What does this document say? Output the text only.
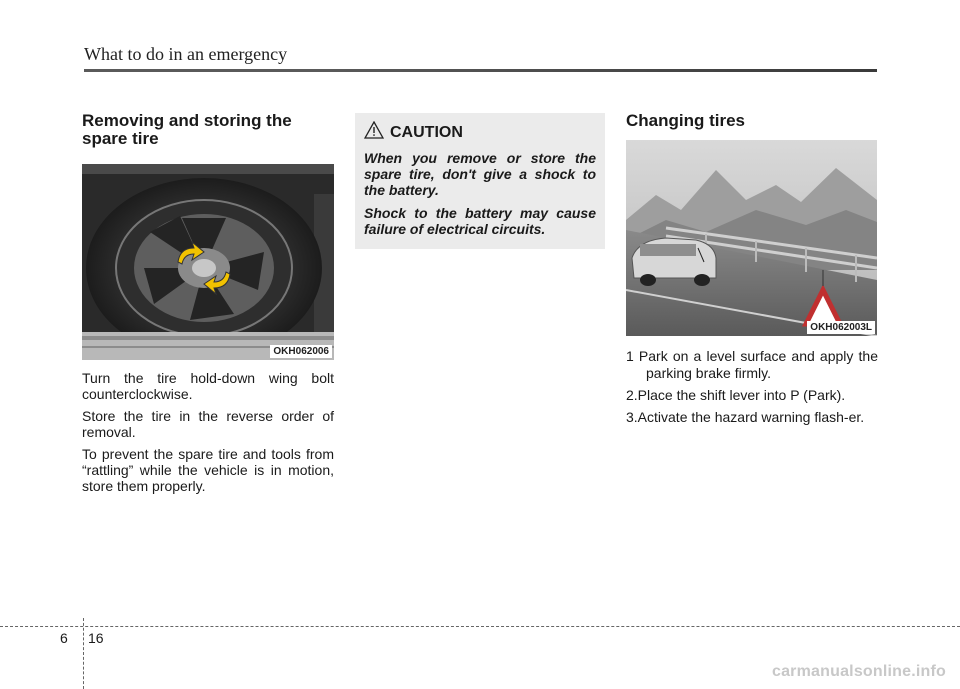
What to do in an emergency
Removing and storing the spare tire
OKH062006

Turn the tire hold-down wing bolt counterclockwise.

Store the tire in the reverse order of removal.

To prevent the spare tire and tools from “rattling” while the vehicle is in motion, store them properly.

CAUTION

When you remove or store the spare tire, don't give a shock to the battery.

Shock to the battery may cause failure of electrical circuits.

Changing tires
OKH062003L
1 Park on a level surface and apply the parking brake firmly.
2.Place the shift lever into P (Park).
3.Activate the hazard warning flash-er.
6 16
carmanualsonline.info
